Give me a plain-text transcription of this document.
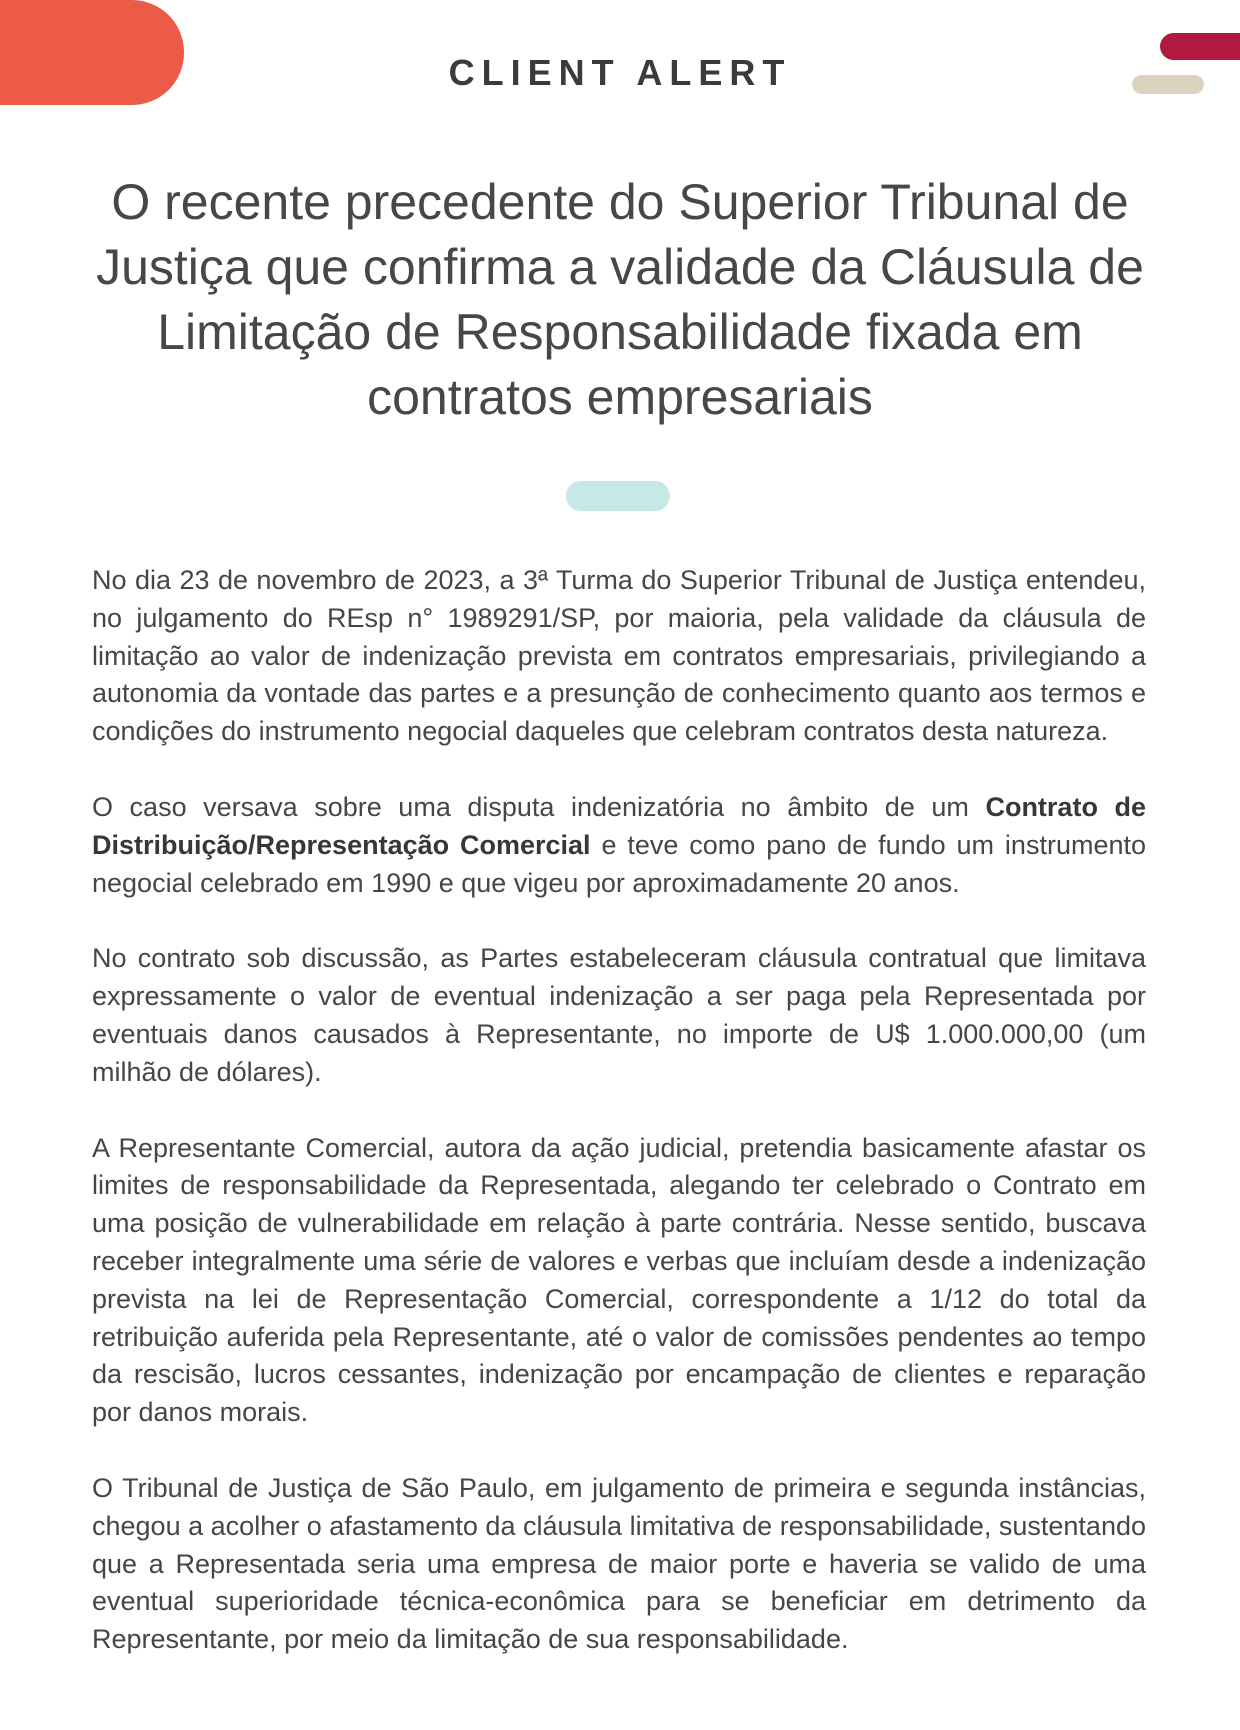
CLIENT ALERT
O recente precedente do Superior Tribunal de Justiça que confirma a validade da Cláusula de Limitação de Responsabilidade fixada em contratos empresariais

No dia 23 de novembro de 2023, a 3ª Turma do Superior Tribunal de Justiça entendeu, no julgamento do REsp n° 1989291/SP, por maioria, pela validade da cláusula de limitação ao valor de indenização prevista em contratos empresariais, privilegiando a autonomia da vontade das partes e a presunção de conhecimento quanto aos termos e condições do instrumento negocial daqueles que celebram contratos desta natureza.

O caso versava sobre uma disputa indenizatória no âmbito de um Contrato de Distribuição/Representação Comercial e teve como pano de fundo um instrumento negocial celebrado em 1990 e que vigeu por aproximadamente 20 anos.

No contrato sob discussão, as Partes estabeleceram cláusula contratual que limitava expressamente o valor de eventual indenização a ser paga pela Representada por eventuais danos causados à Representante, no importe de U$ 1.000.000,00 (um milhão de dólares).

A Representante Comercial, autora da ação judicial, pretendia basicamente afastar os limites de responsabilidade da Representada, alegando ter celebrado o Contrato em uma posição de vulnerabilidade em relação à parte contrária. Nesse sentido, buscava receber integralmente uma série de valores e verbas que incluíam desde a indenização prevista na lei de Representação Comercial, correspondente a 1/12 do total da retribuição auferida pela Representante, até o valor de comissões pendentes ao tempo da rescisão, lucros cessantes, indenização por encampação de clientes e reparação por danos morais.

O Tribunal de Justiça de São Paulo, em julgamento de primeira e segunda instâncias, chegou a acolher o afastamento da cláusula limitativa de responsabilidade, sustentando que a Representada seria uma empresa de maior porte e haveria se valido de uma eventual superioridade técnica-econômica para se beneficiar em detrimento da Representante, por meio da limitação de sua responsabilidade.
